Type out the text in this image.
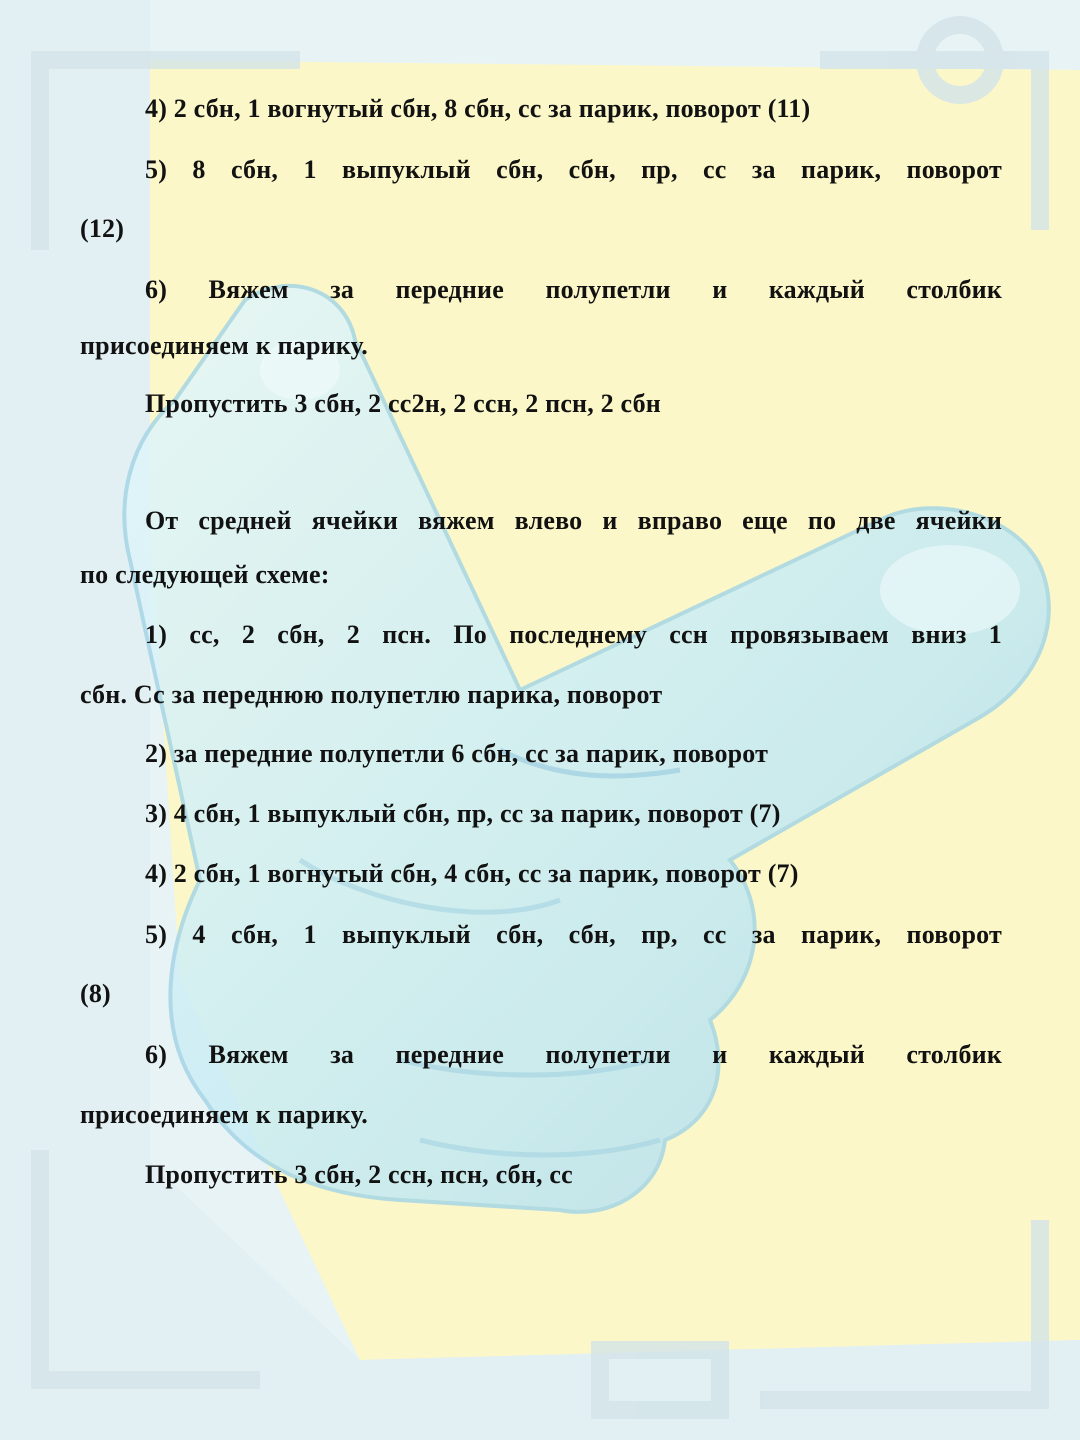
4) 2 сбн, 1 вогнутый сбн, 8 сбн, сс за парик, поворот (11)
5) 8 сбн, 1 выпуклый сбн, сбн, пр, сс за парик, поворот
(12)
6) Вяжем за передние полупетли и каждый столбик
присоединяем к парику.
Пропустить 3 сбн, 2 сс2н, 2 ссн, 2 псн, 2 сбн
От средней ячейки вяжем влево и вправо еще по две ячейки
по следующей схеме:
1) сс, 2 сбн, 2 псн. По последнему ссн провязываем вниз 1
сбн. Сс за переднюю полупетлю парика, поворот
2) за передние полупетли 6 сбн, сс за парик, поворот
3) 4 сбн, 1 выпуклый сбн, пр, сс за парик, поворот (7)
4) 2 сбн, 1 вогнутый сбн, 4 сбн, сс за парик, поворот (7)
5) 4 сбн, 1 выпуклый сбн, сбн, пр, сс за парик, поворот
(8)
6) Вяжем за передние полупетли и каждый столбик
присоединяем к парику.
Пропустить 3 сбн, 2 ссн, псн, сбн, сс
